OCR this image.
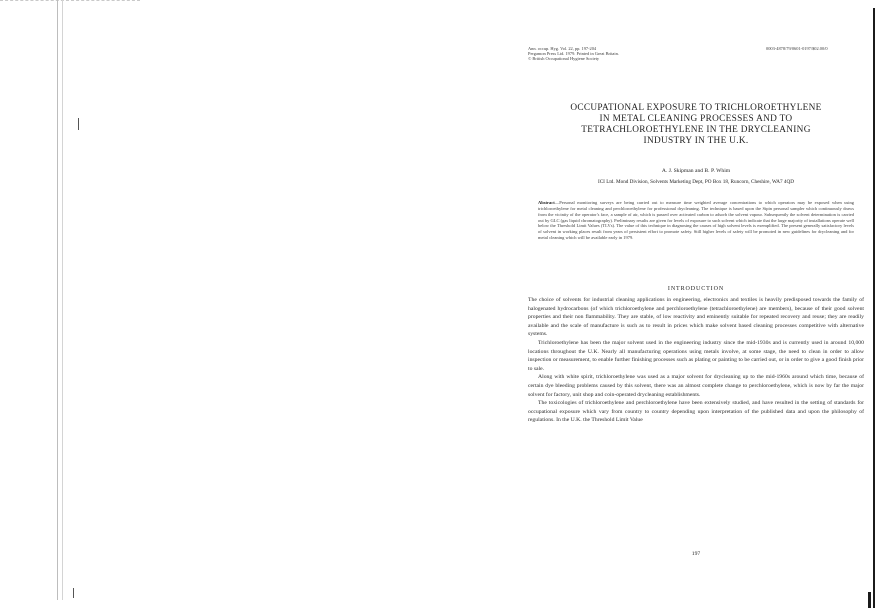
Ann. occup. Hyg. Vol. 22, pp. 197-204
Pergamon Press Ltd. 1979. Printed in Great Britain.
© British Occupational Hygiene Society
0003-4878/79/0601-0197/$02.00/0
OCCUPATIONAL EXPOSURE TO TRICHLOROETHYLENE
IN METAL CLEANING PROCESSES AND TO
TETRACHLOROETHYLENE IN THE DRYCLEANING
INDUSTRY IN THE U.K.
A. J. Skipman and B. P. Whim
ICI Ltd. Mond Division, Solvents Marketing Dept, PO Box 18, Runcorn, Cheshire, WA7 4QD
Abstract—Personal monitoring surveys are being carried out to measure time weighted average concentrations to which operators may be exposed when using trichloroethylene for metal cleaning and perchloroethylene for professional drycleaning. The technique is based upon the Sipin personal sampler which continuously draws from the vicinity of the operator's face, a sample of air, which is passed over activated carbon to adsorb the solvent vapour. Subsequently the solvent determination is carried out by GLC (gas liquid chromatography). Preliminary results are given for levels of exposure to such solvent which indicate that the large majority of installations operate well below the Threshold Limit Values (TLVs). The value of this technique in diagnosing the causes of high solvent levels is exemplified. The present generally satisfactory levels of solvent in working places result from years of persistent effort to promote safety. Still higher levels of safety will be promoted in new guidelines for drycleaning and for metal cleaning which will be available early in 1979.
INTRODUCTION

The choice of solvents for industrial cleaning applications in engineering, electronics and textiles is heavily predisposed towards the family of halogenated hydrocarbons (of which trichloroethylene and perchloroethylene (tetrachloroethylene) are members), because of their good solvent properties and their non flammability. They are stable, of low reactivity and eminently suitable for repeated recovery and reuse; they are readily available and the scale of manufacture is such as to result in prices which make solvent based cleaning processes competitive with alternative systems.

Trichloroethylene has been the major solvent used in the engineering industry since the mid-1930s and is currently used in around 10,000 locations throughout the U.K. Nearly all manufacturing operations using metals involve, at some stage, the need to clean in order to allow inspection or measurement, to enable further finishing processes such as plating or painting to be carried out, or in order to give a good finish prior to sale.

Along with white spirit, trichloroethylene was used as a major solvent for drycleaning up to the mid-1960s around which time, because of certain dye bleeding problems caused by this solvent, there was an almost complete change to perchloroethylene, which is now by far the major solvent for factory, unit shop and coin-operated drycleaning establishments.

The toxicologies of trichloroethylene and perchloroethylene have been extensively studied, and have resulted in the setting of standards for occupational exposure which vary from country to country depending upon interpretation of the published data and upon the philosophy of regulations. In the U.K. the Threshold Limit Value

197
